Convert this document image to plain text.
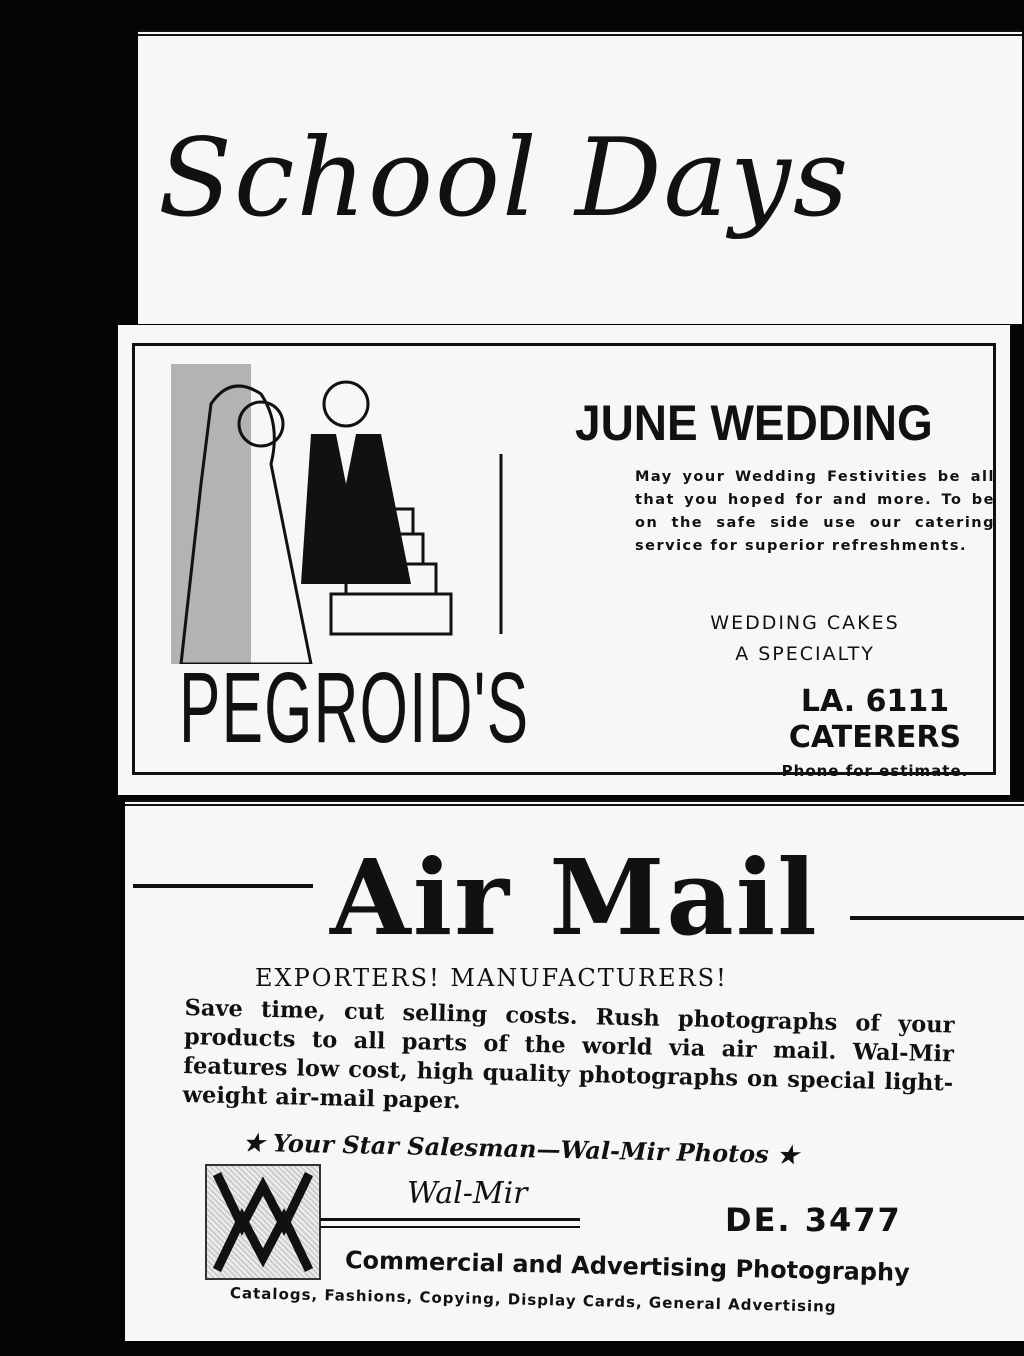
School Days
JUNE WEDDING
May your Wedding Festivities be all that you hoped for and more. To be on the safe side use our catering service for superior refreshments.
WEDDING CAKES
A SPECIALTY
PEGROID'S	LA. 6111
CATERERS
Phone for estimate.
Air Mail
EXPORTERS! MANUFACTURERS!
Save time, cut selling costs. Rush photographs of your products to all parts of the world via air mail. Wal-Mir features low cost, high quality photographs on special light-weight air-mail paper.
★ Your Star Salesman—Wal-Mir Photos ★
Wal-Mir
DE. 3477
Commercial and Advertising Photography
Catalogs, Fashions, Copying, Display Cards, General Advertising
